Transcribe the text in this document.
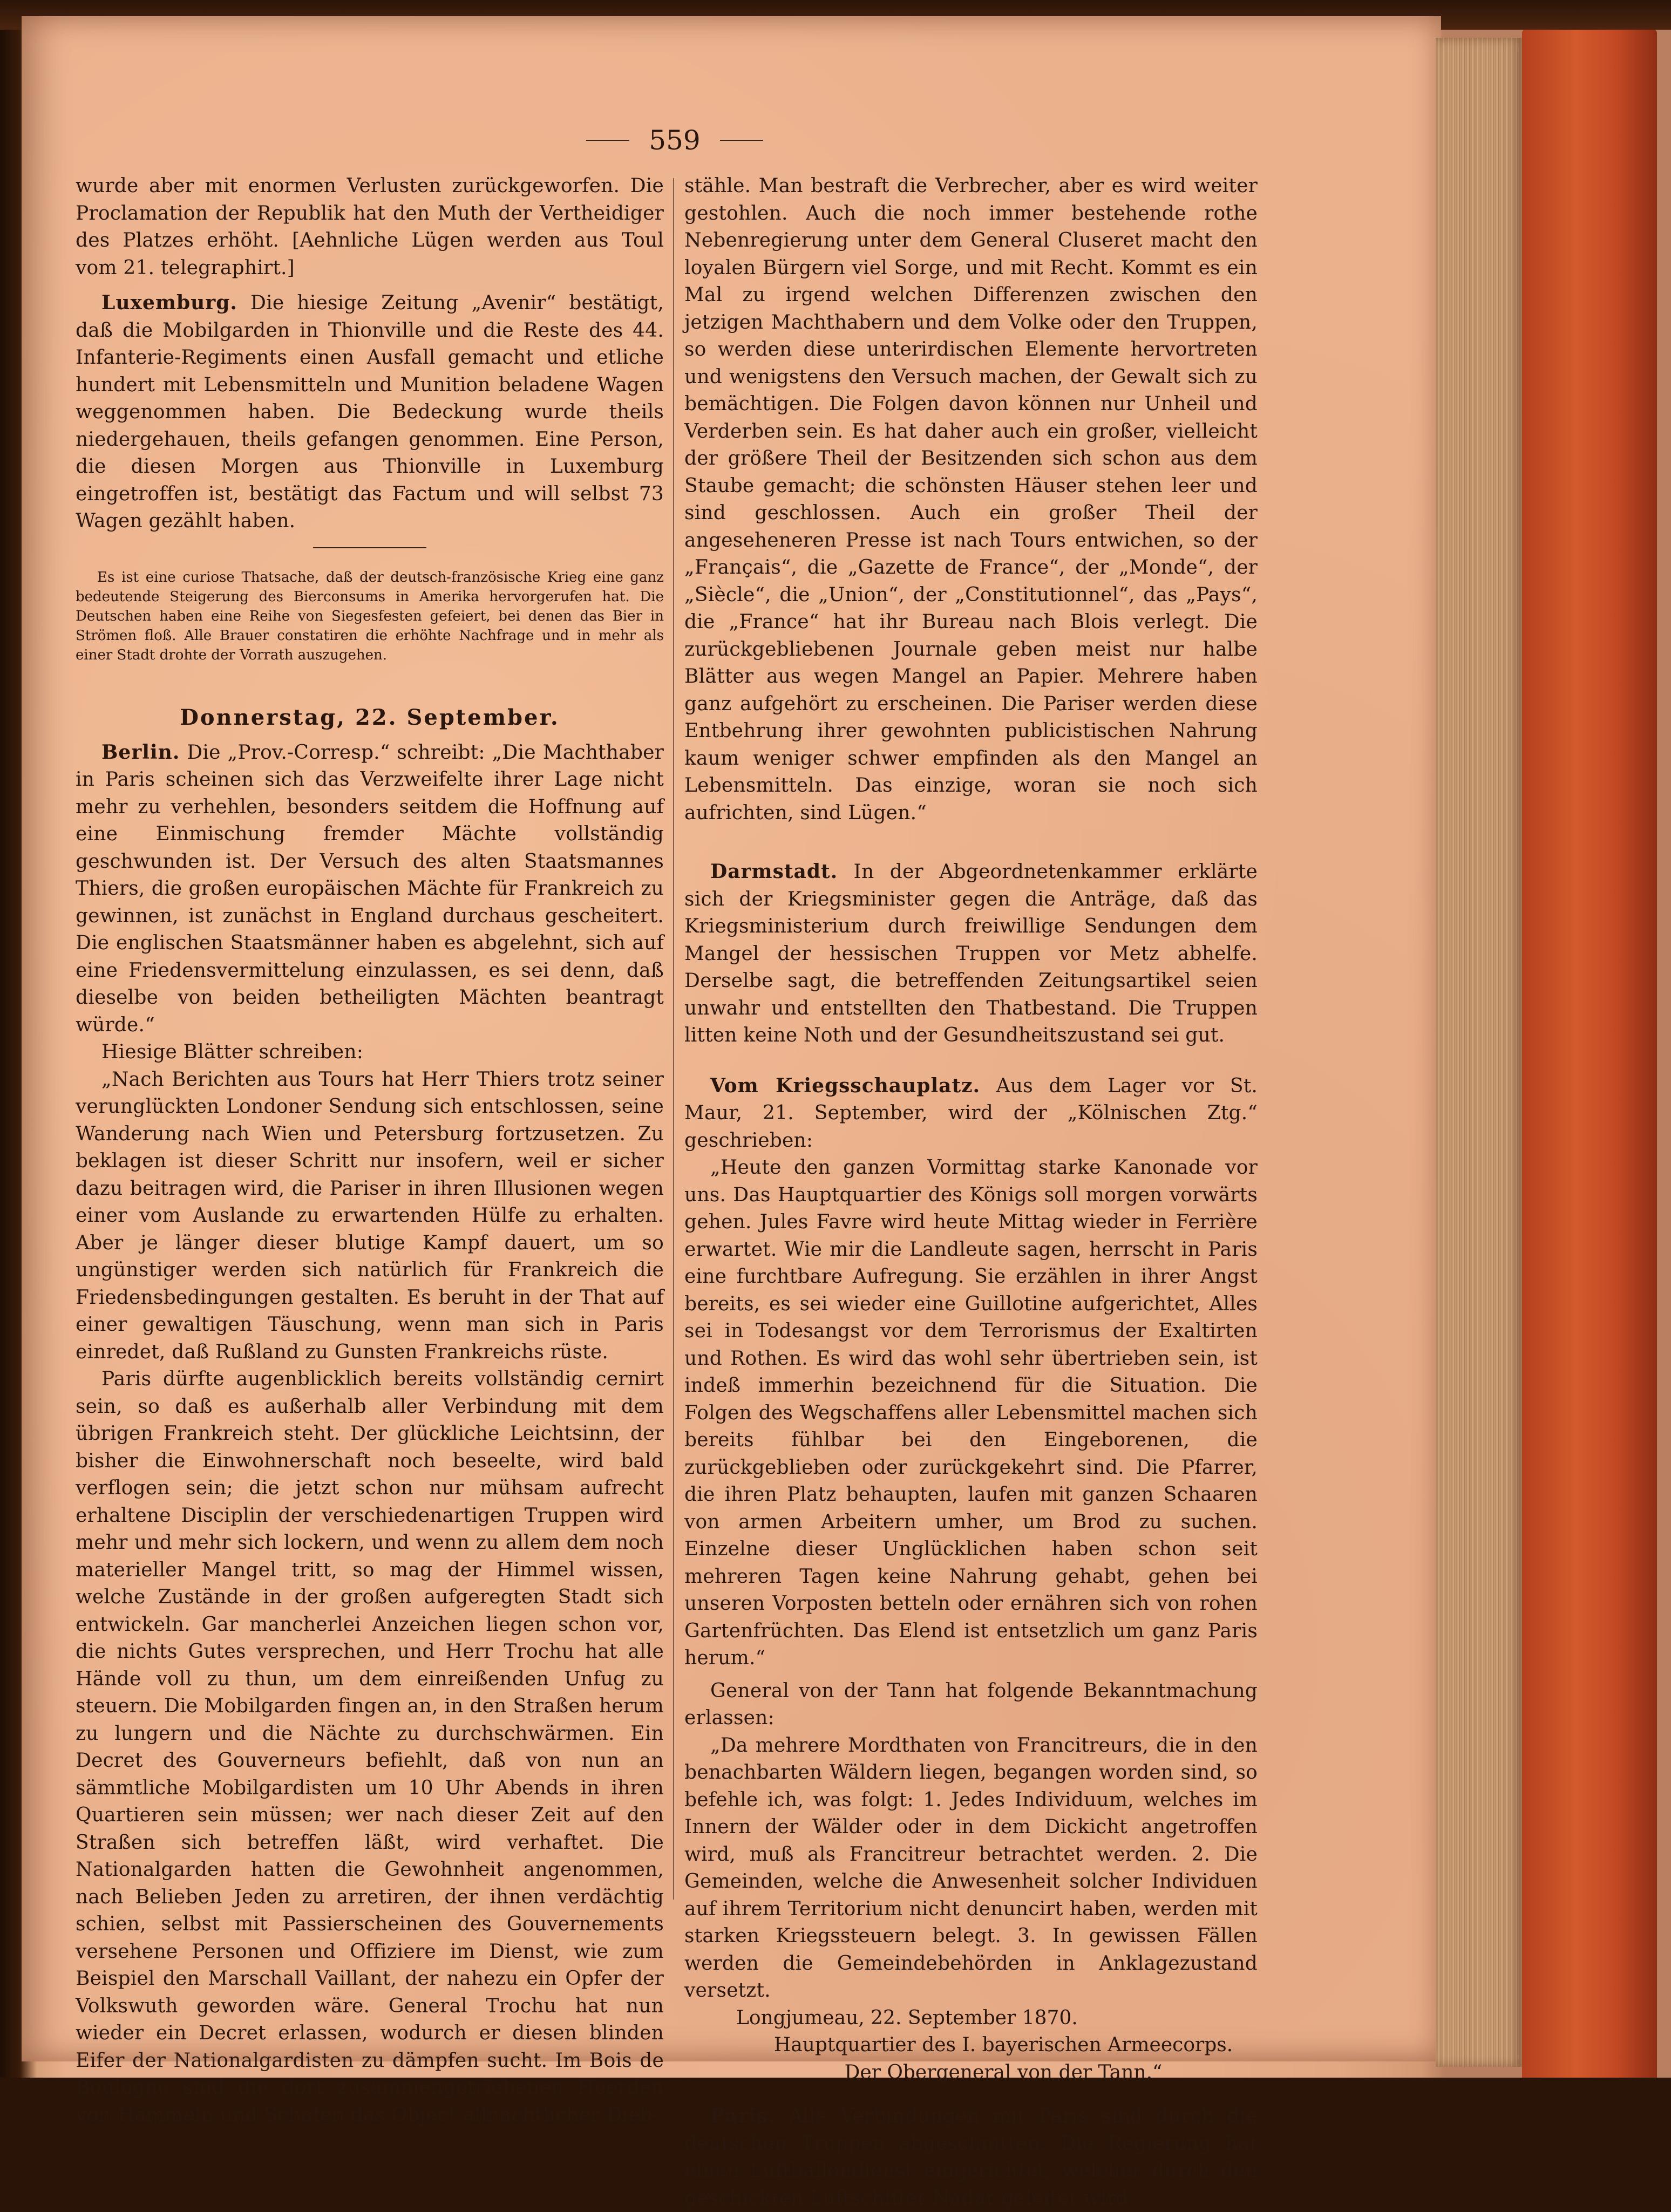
559

wurde aber mit enormen Verlusten zurückgeworfen. Die Proclamation der Republik hat den Muth der Vertheidiger des Platzes erhöht. [Aehnliche Lügen werden aus Toul vom 21. telegraphirt.]

Luxemburg. Die hiesige Zeitung „Avenir“ bestätigt, daß die Mobilgarden in Thionville und die Reste des 44. Infanterie-Regiments einen Ausfall gemacht und etliche hundert mit Lebensmitteln und Munition beladene Wagen weggenommen haben. Die Bedeckung wurde theils niedergehauen, theils gefangen genommen. Eine Person, die diesen Morgen aus Thionville in Luxemburg eingetroffen ist, bestätigt das Factum und will selbst 73 Wagen gezählt haben.

Es ist eine curiose Thatsache, daß der deutsch-französische Krieg eine ganz bedeutende Steigerung des Bierconsums in Amerika hervorgerufen hat. Die Deutschen haben eine Reihe von Siegesfesten gefeiert, bei denen das Bier in Strömen floß. Alle Brauer constatiren die erhöhte Nachfrage und in mehr als einer Stadt drohte der Vorrath auszugehen.

Donnerstag, 22. September.

Berlin. Die „Prov.-Corresp.“ schreibt: „Die Machthaber in Paris scheinen sich das Verzweifelte ihrer Lage nicht mehr zu verhehlen, besonders seitdem die Hoffnung auf eine Einmischung fremder Mächte vollständig geschwunden ist. Der Versuch des alten Staatsmannes Thiers, die großen europäischen Mächte für Frankreich zu gewinnen, ist zunächst in England durchaus gescheitert. Die englischen Staatsmänner haben es abgelehnt, sich auf eine Friedensvermittelung einzulassen, es sei denn, daß dieselbe von beiden betheiligten Mächten beantragt würde.“

Hiesige Blätter schreiben:

„Nach Berichten aus Tours hat Herr Thiers trotz seiner verunglückten Londoner Sendung sich entschlossen, seine Wanderung nach Wien und Petersburg fortzusetzen. Zu beklagen ist dieser Schritt nur insofern, weil er sicher dazu beitragen wird, die Pariser in ihren Illusionen wegen einer vom Auslande zu erwartenden Hülfe zu erhalten. Aber je länger dieser blutige Kampf dauert, um so ungünstiger werden sich natürlich für Frankreich die Friedensbedingungen gestalten. Es beruht in der That auf einer gewaltigen Täuschung, wenn man sich in Paris einredet, daß Rußland zu Gunsten Frankreichs rüste.

Paris dürfte augenblicklich bereits vollständig cernirt sein, so daß es außerhalb aller Verbindung mit dem übrigen Frankreich steht. Der glückliche Leichtsinn, der bisher die Einwohnerschaft noch beseelte, wird bald verflogen sein; die jetzt schon nur mühsam aufrecht erhaltene Disciplin der verschiedenartigen Truppen wird mehr und mehr sich lockern, und wenn zu allem dem noch materieller Mangel tritt, so mag der Himmel wissen, welche Zustände in der großen aufgeregten Stadt sich entwickeln. Gar mancherlei Anzeichen liegen schon vor, die nichts Gutes versprechen, und Herr Trochu hat alle Hände voll zu thun, um dem einreißenden Unfug zu steuern. Die Mobilgarden fingen an, in den Straßen herum zu lungern und die Nächte zu durchschwärmen. Ein Decret des Gouverneurs befiehlt, daß von nun an sämmtliche Mobilgardisten um 10 Uhr Abends in ihren Quartieren sein müssen; wer nach dieser Zeit auf den Straßen sich betreffen läßt, wird verhaftet. Die Nationalgarden hatten die Gewohnheit angenommen, nach Belieben Jeden zu arretiren, der ihnen verdächtig schien, selbst mit Passierscheinen des Gouvernements versehene Personen und Offiziere im Dienst, wie zum Beispiel den Marschall Vaillant, der nahezu ein Opfer der Volkswuth geworden wäre. General Trochu hat nun wieder ein Decret erlassen, wodurch er diesen blinden Eifer der Nationalgardisten zu dämpfen sucht. Im Bois de Boulogne sind die dort zusammengetriebenen Heerden von Hämmeln und Schafen das Object allnächtlicher Dieb-

stähle. Man bestraft die Verbrecher, aber es wird weiter gestohlen. Auch die noch immer bestehende rothe Nebenregierung unter dem General Cluseret macht den loyalen Bürgern viel Sorge, und mit Recht. Kommt es ein Mal zu irgend welchen Differenzen zwischen den jetzigen Machthabern und dem Volke oder den Truppen, so werden diese unterirdischen Elemente hervortreten und wenigstens den Versuch machen, der Gewalt sich zu bemächtigen. Die Folgen davon können nur Unheil und Verderben sein. Es hat daher auch ein großer, vielleicht der größere Theil der Besitzenden sich schon aus dem Staube gemacht; die schönsten Häuser stehen leer und sind geschlossen. Auch ein großer Theil der angeseheneren Presse ist nach Tours entwichen, so der „Français“, die „Gazette de France“, der „Monde“, der „Siècle“, die „Union“, der „Constitutionnel“, das „Pays“, die „France“ hat ihr Bureau nach Blois verlegt. Die zurückgebliebenen Journale geben meist nur halbe Blätter aus wegen Mangel an Papier. Mehrere haben ganz aufgehört zu erscheinen. Die Pariser werden diese Entbehrung ihrer gewohnten publicistischen Nahrung kaum weniger schwer empfinden als den Mangel an Lebensmitteln. Das einzige, woran sie noch sich aufrichten, sind Lügen.“

Darmstadt. In der Abgeordnetenkammer erklärte sich der Kriegsminister gegen die Anträge, daß das Kriegsministerium durch freiwillige Sendungen dem Mangel der hessischen Truppen vor Metz abhelfe. Derselbe sagt, die betreffenden Zeitungsartikel seien unwahr und entstellten den Thatbestand. Die Truppen litten keine Noth und der Gesundheitszustand sei gut.

Vom Kriegsschauplatz. Aus dem Lager vor St. Maur, 21. September, wird der „Kölnischen Ztg.“ geschrieben:

„Heute den ganzen Vormittag starke Kanonade vor uns. Das Hauptquartier des Königs soll morgen vorwärts gehen. Jules Favre wird heute Mittag wieder in Ferrière erwartet. Wie mir die Landleute sagen, herrscht in Paris eine furchtbare Aufregung. Sie erzählen in ihrer Angst bereits, es sei wieder eine Guillotine aufgerichtet, Alles sei in Todesangst vor dem Terrorismus der Exaltirten und Rothen. Es wird das wohl sehr übertrieben sein, ist indeß immerhin bezeichnend für die Situation. Die Folgen des Wegschaffens aller Lebensmittel machen sich bereits fühlbar bei den Eingeborenen, die zurückgeblieben oder zurückgekehrt sind. Die Pfarrer, die ihren Platz behaupten, laufen mit ganzen Schaaren von armen Arbeitern umher, um Brod zu suchen. Einzelne dieser Unglücklichen haben schon seit mehreren Tagen keine Nahrung gehabt, gehen bei unseren Vorposten betteln oder ernähren sich von rohen Gartenfrüchten. Das Elend ist entsetzlich um ganz Paris herum.“

General von der Tann hat folgende Bekanntmachung erlassen:

„Da mehrere Mordthaten von Francitreurs, die in den benachbarten Wäldern liegen, begangen worden sind, so befehle ich, was folgt: 1. Jedes Individuum, welches im Innern der Wälder oder in dem Dickicht angetroffen wird, muß als Francitreur betrachtet werden. 2. Die Gemeinden, welche die Anwesenheit solcher Individuen auf ihrem Territorium nicht denuncirt haben, werden mit starken Kriegssteuern belegt. 3. In gewissen Fällen werden die Gemeindebehörden in Anklagezustand versetzt.

Longjumeau, 22. September 1870.

Hauptquartier des I. bayerischen Armeecorps.

Der Obergeneral von der Tann.“

Paris. Alle Verbindungen mit Paris sind durch die deutschen Truppen abgeschnitten. Die Regierung hat einen Luftballondienst eingerichtet, welcher durch den geschickten Luftschiffer Nadar geleitet wird.
